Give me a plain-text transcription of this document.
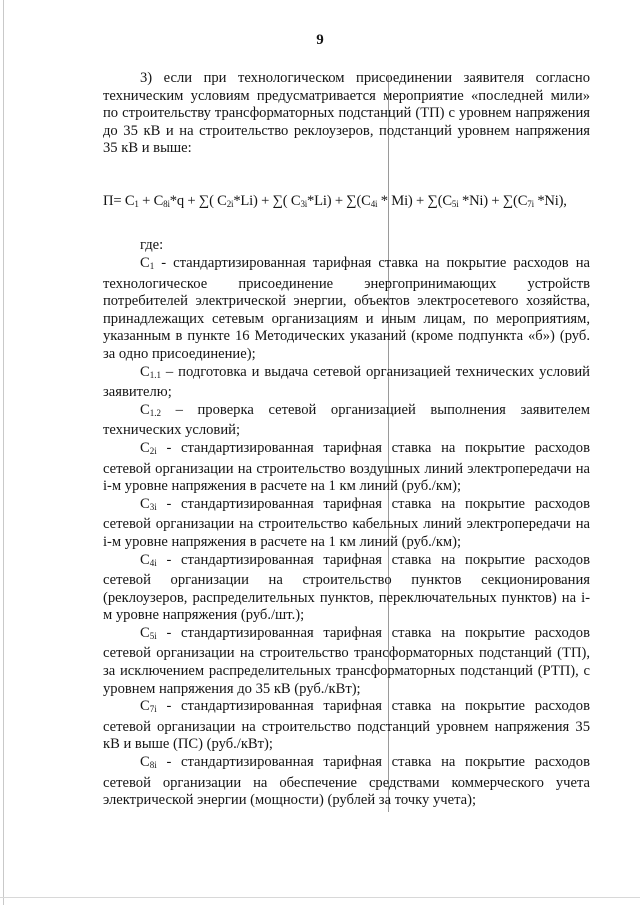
9

3) если при технологическом присоединении заявителя согласно техническим условиям предусматривается мероприятие «последней мили» по строительству трансформаторных подстанций (ТП) с уровнем напряжения до 35 кВ и на строительство реклоузеров, подстанций уровнем напряжения 35 кВ и выше:

$П= C_1 + C_{8i}*q$ + ∑( $C_{2i}*Li$) + ∑( $C_{3i}*Li) + \sum(C_{4i} * Mi) + \sum(C_{5i}$ $*Ni) + \sum(C_{7i}$ *Ni),
где:

$C_1$ - стандартизированная тарифная ставка на покрытие расходов на технологическое присоединение энергопринимающих устройств потребителей электрической энергии, объектов электросетевого хозяйства, принадлежащих сетевым организациям и иным лицам, по мероприятиям, указанным в пункте 16 Методических указаний (кроме подпункта «б») (руб. за одно присоединение);

$C_{1.1}$ – подготовка и выдача сетевой организацией технических условий заявителю;

$C_{1.2}$ – проверка сетевой организацией выполнения заявителем технических условий;

$C_{2i}$ - стандартизированная тарифная ставка на покрытие расходов сетевой организации на строительство воздушных линий электропередачи на i-м уровне напряжения в расчете на 1 км линий (руб./км);

$C_{3i}$ - стандартизированная тарифная ставка на покрытие расходов сетевой организации на строительство кабельных линий электропередачи на i-м уровне напряжения в расчете на 1 км линий (руб./км);

$C_{4i}$ - стандартизированная тарифная ставка на покрытие расходов сетевой организации на строительство пунктов секционирования (реклоузеров, распределительных пунктов, переключательных пунктов) на i-м уровне напряжения (руб./шт.);

$C_{5i}$ - стандартизированная тарифная ставка на покрытие расходов сетевой организации на строительство трансформаторных подстанций (ТП), за исключением распределительных трансформаторных подстанций (РТП), с уровнем напряжения до 35 кВ (руб./кВт);

$C_{7i}$ - стандартизированная тарифная ставка на покрытие расходов сетевой организации на строительство подстанций уровнем напряжения 35 кВ и выше (ПС) (руб./кВт);

$C_{8i}$ - стандартизированная тарифная ставка на покрытие расходов сетевой организации на обеспечение средствами коммерческого учета электрической энергии (мощности) (рублей за точку учета);
